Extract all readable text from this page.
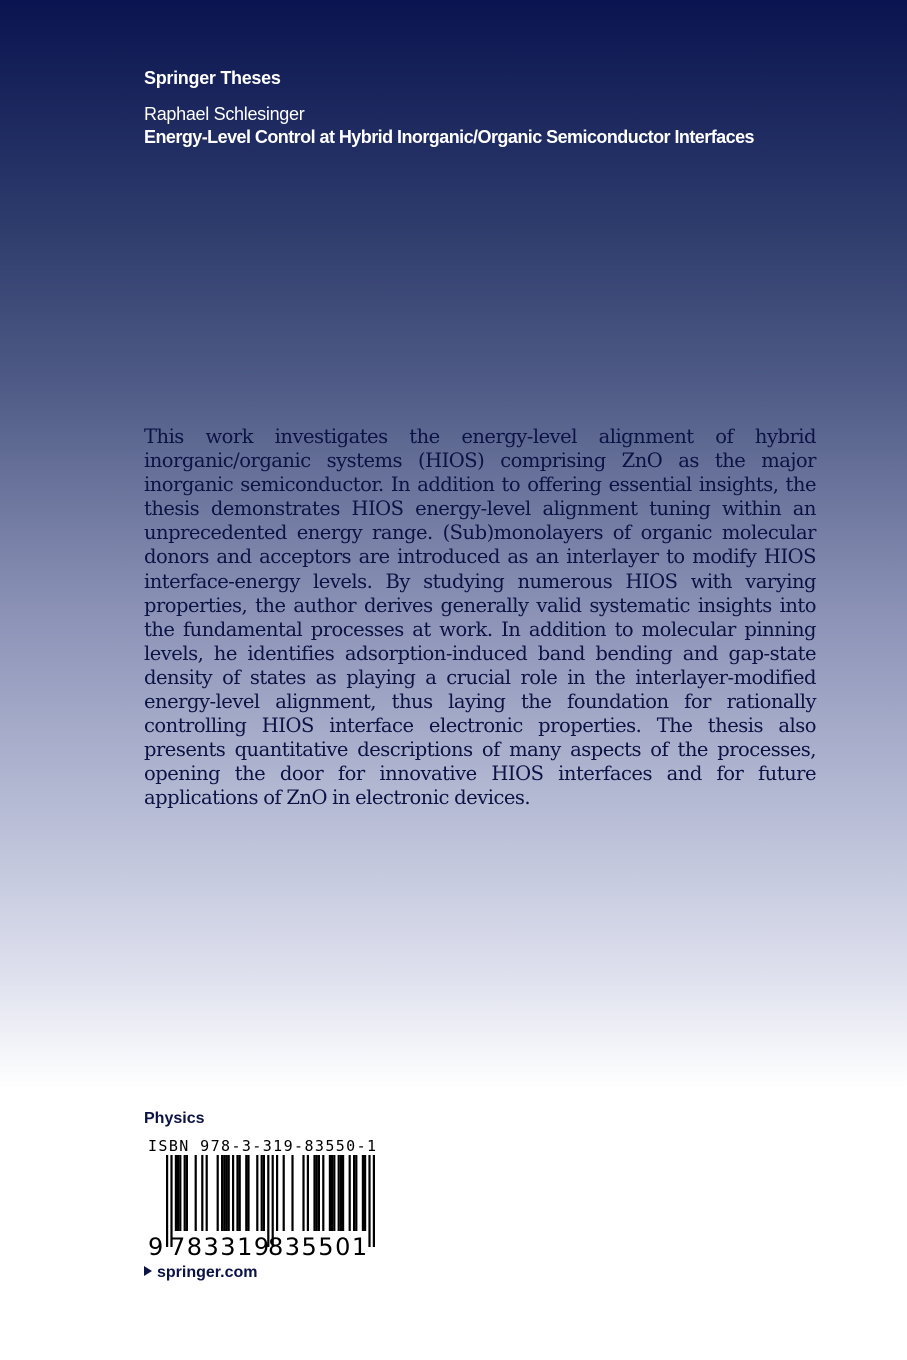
Springer Theses
Raphael Schlesinger
Energy-Level Control at Hybrid Inorganic/Organic Semiconductor Interfaces
This work investigates the energy-level alignment of hybrid inorganic/organic systems (HIOS) comprising ZnO as the major inorganic semiconductor. In addition to offering essential insights, the thesis demonstrates HIOS energy-level alignment tuning within an unprecedented energy range. (Sub)monolayers of organic molecular donors and acceptors are introduced as an interlayer to modify HIOS interface-energy levels. By studying numerous HIOS with varying properties, the author derives generally valid systematic insights into the fundamental processes at work. In addition to molecular pinning levels, he identifies adsorption-induced band bending and gap-state density of states as playing a crucial role in the interlayer-modified energy-level alignment, thus laying the foundation for rationally controlling HIOS interface electronic properties. The thesis also presents quantitative descriptions of many aspects of the processes, opening the door for innovative HIOS interfaces and for future applications of ZnO in electronic devices.
Physics
ISBN 978-3-319-83550-1
9 783319
835501
springer.com
